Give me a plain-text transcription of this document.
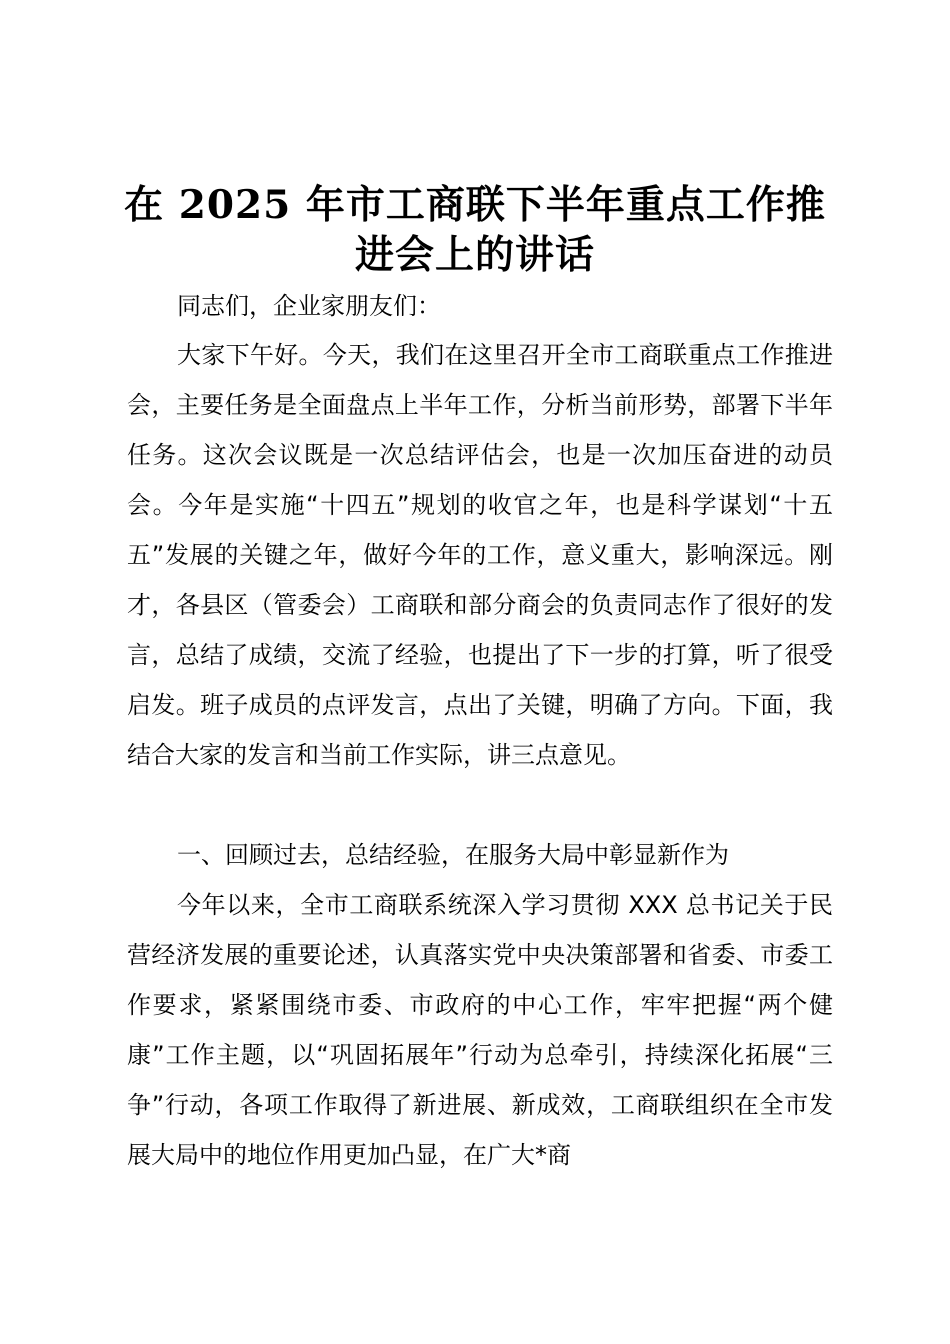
在 2025 年市工商联下半年重点工作推进会上的讲话

同志们，企业家朋友们：

大家下午好。今天，我们在这里召开全市工商联重点工作推进会，主要任务是全面盘点上半年工作，分析当前形势，部署下半年任务。这次会议既是一次总结评估会，也是一次加压奋进的动员会。今年是实施“十四五”规划的收官之年，也是科学谋划“十五五”发展的关键之年，做好今年的工作，意义重大，影响深远。刚才，各县区（管委会）工商联和部分商会的负责同志作了很好的发言，总结了成绩，交流了经验，也提出了下一步的打算，听了很受启发。班子成员的点评发言，点出了关键，明确了方向。下面，我结合大家的发言和当前工作实际，讲三点意见。

一、回顾过去，总结经验，在服务大局中彰显新作为

今年以来，全市工商联系统深入学习贯彻 XXX 总书记关于民营经济发展的重要论述，认真落实党中央决策部署和省委、市委工作要求，紧紧围绕市委、市政府的中心工作，牢牢把握“两个健康”工作主题，以“巩固拓展年”行动为总牵引，持续深化拓展“三争”行动，各项工作取得了新进展、新成效，工商联组织在全市发展大局中的地位作用更加凸显，在广大*商
